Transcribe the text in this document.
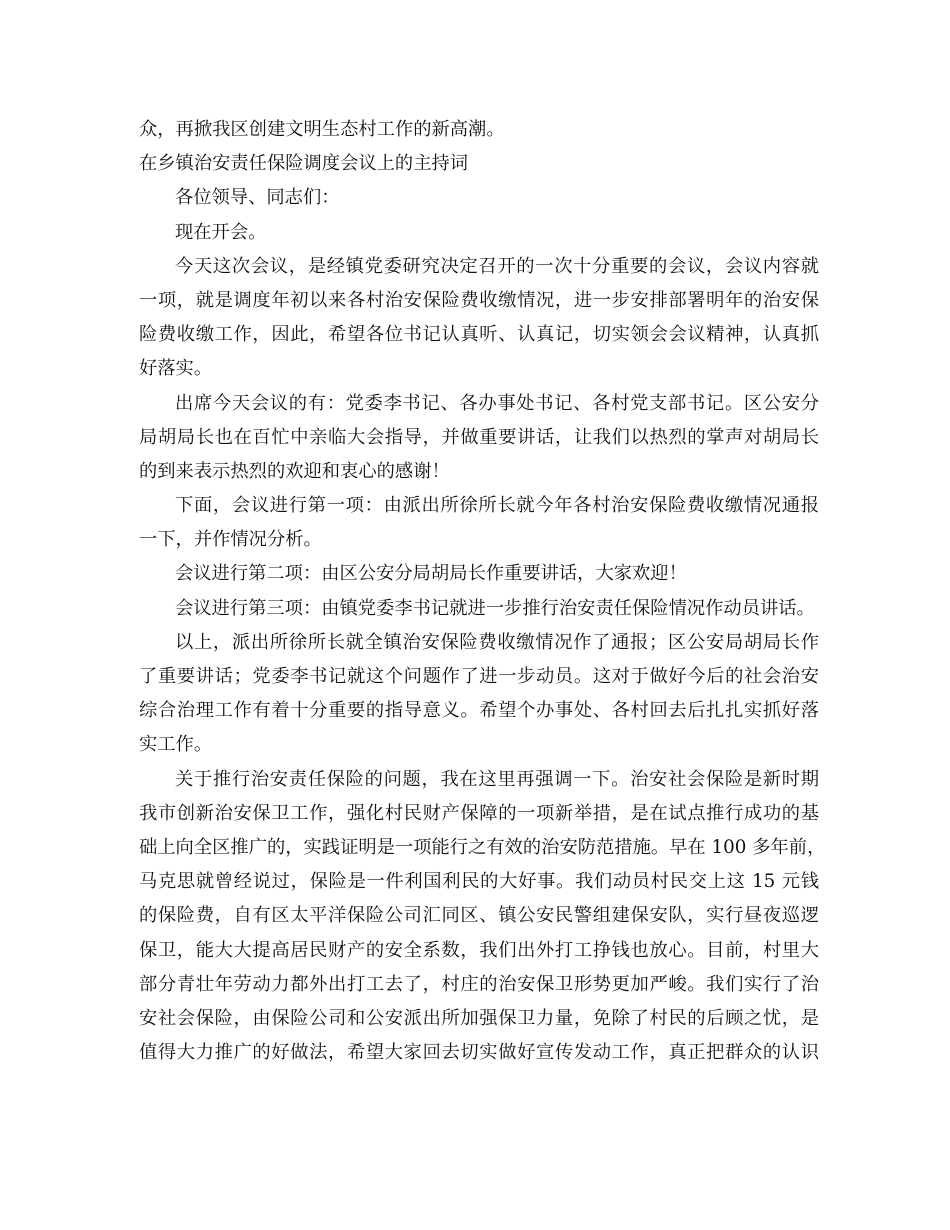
众，再掀我区创建文明生态村工作的新高潮。
在乡镇治安责任保险调度会议上的主持词
各位领导、同志们：
现在开会。
今天这次会议，是经镇党委研究决定召开的一次十分重要的会议，会议内容就
一项，就是调度年初以来各村治安保险费收缴情况，进一步安排部署明年的治安保
险费收缴工作，因此，希望各位书记认真听、认真记，切实领会会议精神，认真抓
好落实。
出席今天会议的有：党委李书记、各办事处书记、各村党支部书记。区公安分
局胡局长也在百忙中亲临大会指导，并做重要讲话，让我们以热烈的掌声对胡局长
的到来表示热烈的欢迎和衷心的感谢！
下面，会议进行第一项：由派出所徐所长就今年各村治安保险费收缴情况通报
一下，并作情况分析。
会议进行第二项：由区公安分局胡局长作重要讲话，大家欢迎！
会议进行第三项：由镇党委李书记就进一步推行治安责任保险情况作动员讲话。
以上，派出所徐所长就全镇治安保险费收缴情况作了通报；区公安局胡局长作
了重要讲话；党委李书记就这个问题作了进一步动员。这对于做好今后的社会治安
综合治理工作有着十分重要的指导意义。希望个办事处、各村回去后扎扎实抓好落
实工作。
关于推行治安责任保险的问题，我在这里再强调一下。治安社会保险是新时期
我市创新治安保卫工作，强化村民财产保障的一项新举措，是在试点推行成功的基
础上向全区推广的，实践证明是一项能行之有效的治安防范措施。早在 100 多年前，
马克思就曾经说过，保险是一件利国利民的大好事。我们动员村民交上这 15 元钱
的保险费，自有区太平洋保险公司汇同区、镇公安民警组建保安队，实行昼夜巡逻
保卫，能大大提高居民财产的安全系数，我们出外打工挣钱也放心。目前，村里大
部分青壮年劳动力都外出打工去了，村庄的治安保卫形势更加严峻。我们实行了治
安社会保险，由保险公司和公安派出所加强保卫力量，免除了村民的后顾之忧，是
值得大力推广的好做法，希望大家回去切实做好宣传发动工作，真正把群众的认识
